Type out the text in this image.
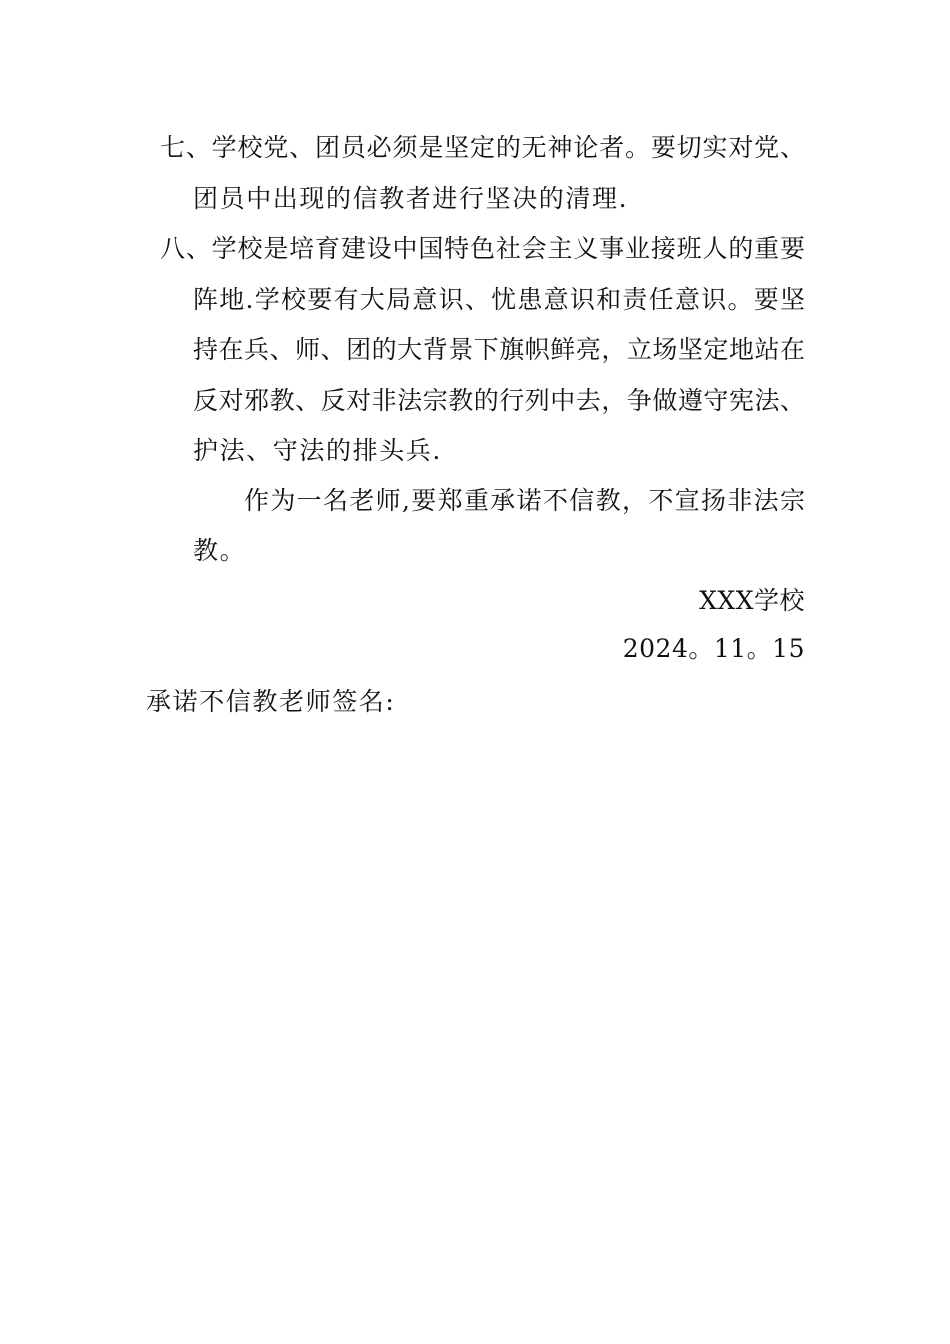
七、学校党、团员必须是坚定的无神论者。要切实对党、
团员中出现的信教者进行坚决的清理.
八、学校是培育建设中国特色社会主义事业接班人的重要
阵地.学校要有大局意识、忧患意识和责任意识。要坚
持在兵、师、团的大背景下旗帜鲜亮，立场坚定地站在
反对邪教、反对非法宗教的行列中去，争做遵守宪法、
护法、守法的排头兵.
作为一名老师,要郑重承诺不信教，不宣扬非法宗
教。
XXX学校
2024。11。15
承诺不信教老师签名:
